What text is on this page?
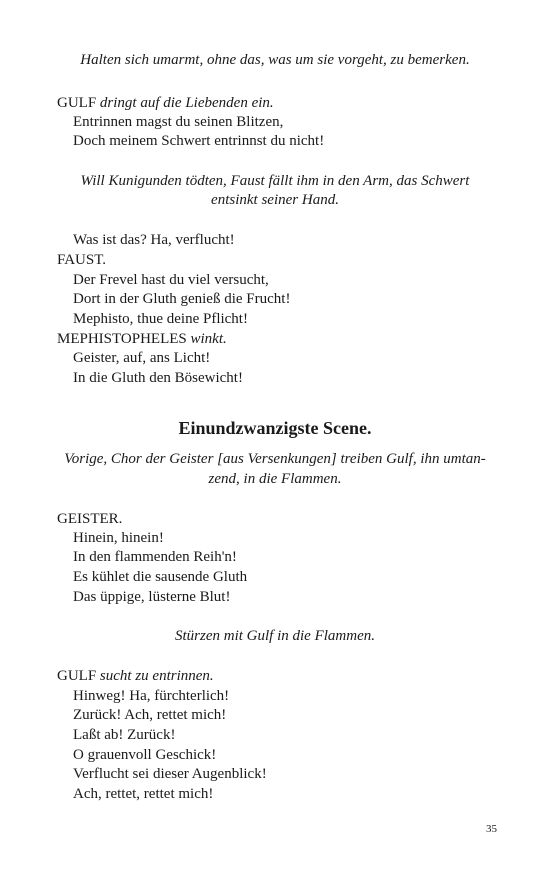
Halten sich umarmt, ohne das, was um sie vorgeht, zu bemerken.
GULF dringt auf die Liebenden ein.
Entrinnen magst du seinen Blitzen,
Doch meinem Schwert entrinnst du nicht!
Will Kunigunden tödten, Faust fällt ihm in den Arm, das Schwert
entsinkt seiner Hand.
Was ist das? Ha, verflucht!
FAUST.
Der Frevel hast du viel versucht,
Dort in der Gluth genieß die Frucht!
Mephisto, thue deine Pflicht!
MEPHISTOPHELES winkt.
Geister, auf, ans Licht!
In die Gluth den Bösewicht!
Einundzwanzigste Scene.
Vorige, Chor der Geister [aus Versenkungen] treiben Gulf, ihn umtan-
zend, in die Flammen.
GEISTER.
Hinein, hinein!
In den flammenden Reih'n!
Es kühlet die sausende Gluth
Das üppige, lüsterne Blut!
Stürzen mit Gulf in die Flammen.
GULF sucht zu entrinnen.
Hinweg! Ha, fürchterlich!
Zurück! Ach, rettet mich!
Laßt ab! Zurück!
O grauenvoll Geschick!
Verflucht sei dieser Augenblick!
Ach, rettet, rettet mich!
35
